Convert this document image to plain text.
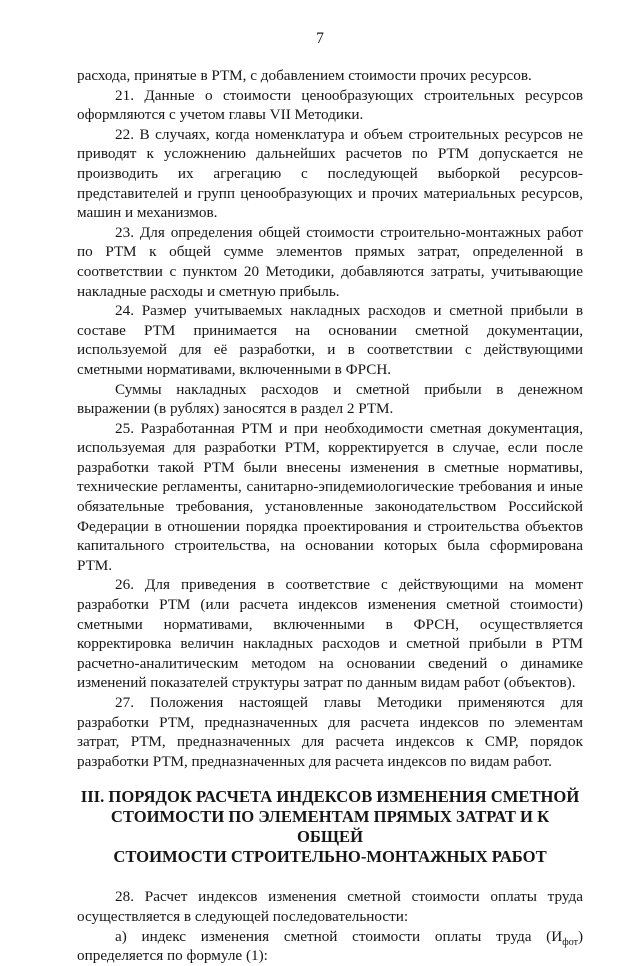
7

расхода, принятые в РТМ, с добавлением стоимости прочих ресурсов.

21. Данные о стоимости ценообразующих строительных ресурсов оформляются с учетом главы VII Методики.

22. В случаях, когда номенклатура и объем строительных ресурсов не приводят к усложнению дальнейших расчетов по РТМ допускается не производить их агрегацию с последующей выборкой ресурсов-представителей и групп ценообразующих и прочих материальных ресурсов, машин и механизмов.

23. Для определения общей стоимости строительно-монтажных работ по РТМ к общей сумме элементов прямых затрат, определенной в соответствии с пунктом 20 Методики, добавляются затраты, учитывающие накладные расходы и сметную прибыль.

24. Размер учитываемых накладных расходов и сметной прибыли в составе РТМ принимается на основании сметной документации, используемой для её разработки, и в соответствии с действующими сметными нормативами, включенными в ФРСН.

Суммы накладных расходов и сметной прибыли в денежном выражении (в рублях) заносятся в раздел 2 РТМ.

25. Разработанная РТМ и при необходимости сметная документация, используемая для разработки РТМ, корректируется в случае, если после разработки такой РТМ были внесены изменения в сметные нормативы, технические регламенты, санитарно-эпидемиологические требования и иные обязательные требования, установленные законодательством Российской Федерации в отношении порядка проектирования и строительства объектов капитального строительства, на основании которых была сформирована РТМ.

26. Для приведения в соответствие с действующими на момент разработки РТМ (или расчета индексов изменения сметной стоимости) сметными нормативами, включенными в ФРСН, осуществляется корректировка величин накладных расходов и сметной прибыли в РТМ расчетно-аналитическим методом на основании сведений о динамике изменений показателей структуры затрат по данным видам работ (объектов).

27. Положения настоящей главы Методики применяются для разработки РТМ, предназначенных для расчета индексов по элементам затрат, РТМ, предназначенных для расчета индексов к СМР, порядок разработки РТМ, предназначенных для расчета индексов по видам работ.

III. ПОРЯДОК РАСЧЕТА ИНДЕКСОВ ИЗМЕНЕНИЯ СМЕТНОЙ
СТОИМОСТИ ПО ЭЛЕМЕНТАМ ПРЯМЫХ ЗАТРАТ И К ОБЩЕЙ
СТОИМОСТИ СТРОИТЕЛЬНО-МОНТАЖНЫХ РАБОТ

28. Расчет индексов изменения сметной стоимости оплаты труда осуществляется в следующей последовательности:

а) индекс изменения сметной стоимости оплаты труда $(И_{фот})$ определяется по формуле (1):
